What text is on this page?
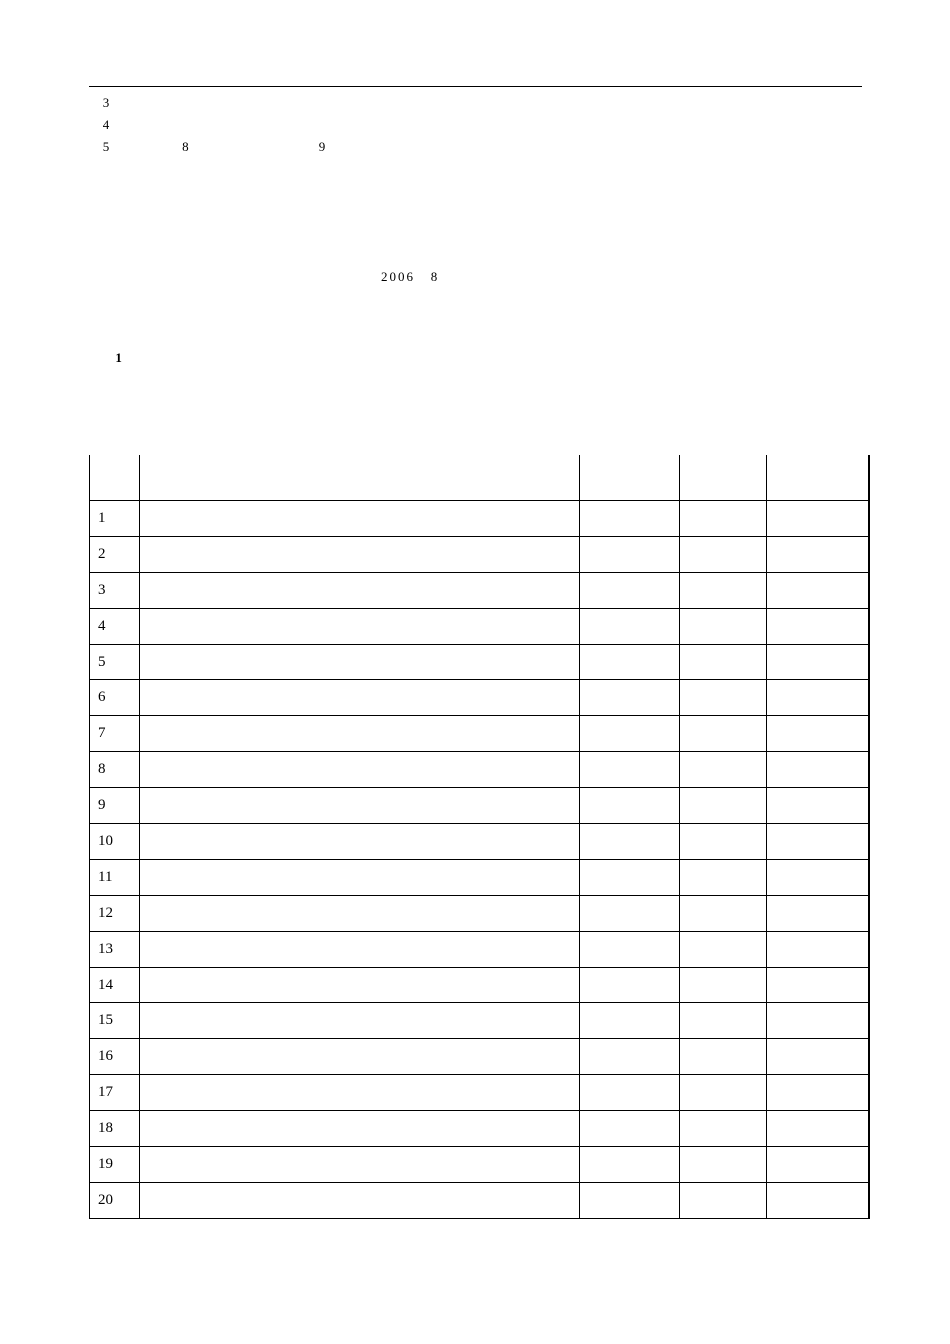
3
4
5           8                    9

2006   8

1

1				
2				
3				
4				
5				
6				
7				
8				
9				
10				
11				
12				
13				
14				
15				
16				
17				
18				
19				
20				
